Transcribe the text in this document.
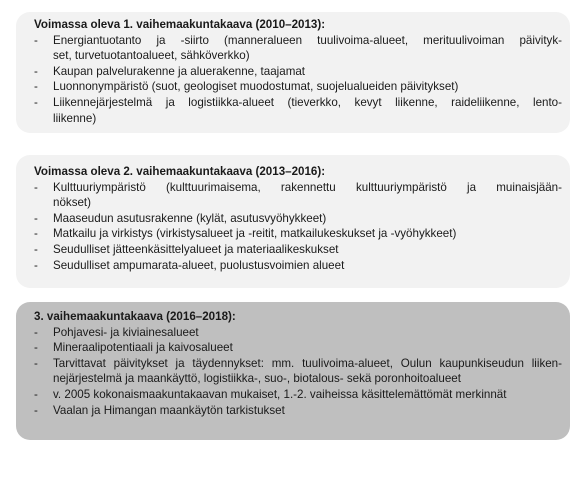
Voimassa oleva 1. vaihemaakuntakaava (2010–2013):

- Energiantuotanto ja -siirto (manneralueen tuulivoima-alueet, merituulivoiman päivityk-
set, turvetuotantoalueet, sähköverkko)
- Kaupan palvelurakenne ja aluerakenne, taajamat
- Luonnonympäristö (suot, geologiset muodostumat, suojelualueiden päivitykset)
- Liikennejärjestelmä ja logistiikka-alueet (tieverkko, kevyt liikenne, raideliikenne, lento-
liikenne)

Voimassa oleva 2. vaihemaakuntakaava (2013–2016):

- Kulttuuriympäristö (kulttuurimaisema, rakennettu kulttuuriympäristö ja muinaisjään-
nökset)
- Maaseudun asutusrakenne (kylät, asutusvyöhykkeet)
- Matkailu ja virkistys (virkistysalueet ja -reitit, matkailukeskukset ja -vyöhykkeet)
- Seudulliset jätteenkäsittelyalueet ja materiaalikeskukset
- Seudulliset ampumarata-alueet, puolustusvoimien alueet

3. vaihemaakuntakaava (2016–2018):

- Pohjavesi- ja kiviainesalueet
- Mineraalipotentiaali ja kaivosalueet
- Tarvittavat päivitykset ja täydennykset: mm. tuulivoima-alueet, Oulun kaupunkiseudun liiken-
nejärjestelmä ja maankäyttö, logistiikka-, suo-, biotalous- sekä poronhoitoalueet
- v. 2005 kokonaismaakuntakaavan mukaiset, 1.-2. vaiheissa käsittelemättömät merkinnät
- Vaalan ja Himangan maankäytön tarkistukset
